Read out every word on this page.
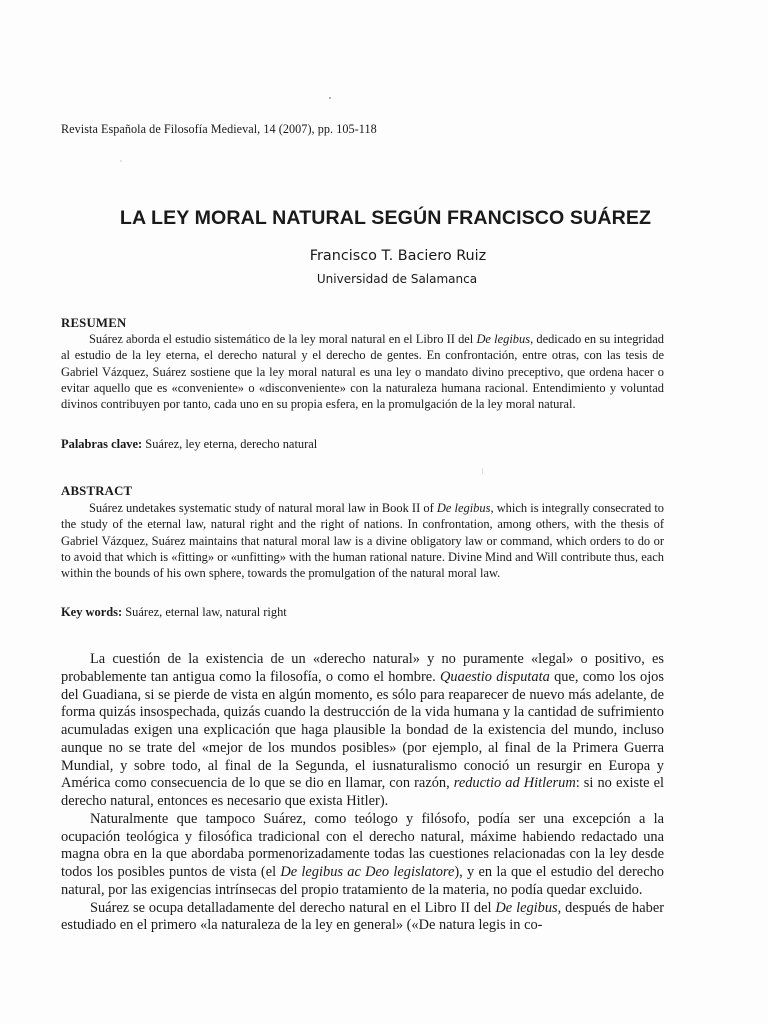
Revista Española de Filosofía Medieval, 14 (2007), pp. 105-118
LA LEY MORAL NATURAL SEGÚN FRANCISCO SUÁREZ
Francisco T. Baciero Ruiz
Universidad de Salamanca
RESUMEN

Suárez aborda el estudio sistemático de la ley moral natural en el Libro II del De legibus, dedicado en su integridad al estudio de la ley eterna, el derecho natural y el derecho de gentes. En confrontación, entre otras, con las tesis de Gabriel Vázquez, Suárez sostiene que la ley moral natural es una ley o mandato divino preceptivo, que ordena hacer o evitar aquello que es «conveniente» o «disconveniente» con la naturaleza humana racional. Entendimiento y voluntad divinos contribuyen por tanto, cada uno en su propia esfera, en la promulgación de la ley moral natural.

Palabras clave: Suárez, ley eterna, derecho natural
ABSTRACT

Suárez undetakes systematic study of natural moral law in Book II of De legibus, which is integrally consecrated to the study of the eternal law, natural right and the right of nations. In confrontation, among others, with the thesis of Gabriel Vázquez, Suárez maintains that natural moral law is a divine obligatory law or command, which orders to do or to avoid that which is «fitting» or «unfitting» with the human rational nature. Divine Mind and Will contribute thus, each within the bounds of his own sphere, towards the promulgation of the natural moral law.

Key words: Suárez, eternal law, natural right

La cuestión de la existencia de un «derecho natural» y no puramente «legal» o positivo, es probablemente tan antigua como la filosofía, o como el hombre. Quaestio disputata que, como los ojos del Guadiana, si se pierde de vista en algún momento, es sólo para reaparecer de nuevo más adelante, de forma quizás insospechada, quizás cuando la destrucción de la vida humana y la cantidad de sufrimiento acumuladas exigen una explicación que haga plausible la bondad de la existencia del mundo, incluso aunque no se trate del «mejor de los mundos posibles» (por ejemplo, al final de la Primera Guerra Mundial, y sobre todo, al final de la Segunda, el iusnaturalismo conoció un resurgir en Europa y América como consecuencia de lo que se dio en llamar, con razón, reductio ad Hitlerum: si no existe el derecho natural, entonces es necesario que exista Hitler).

Naturalmente que tampoco Suárez, como teólogo y filósofo, podía ser una excepción a la ocupación teológica y filosófica tradicional con el derecho natural, máxime habiendo redactado una magna obra en la que abordaba pormenorizadamente todas las cuestiones relacionadas con la ley desde todos los posibles puntos de vista (el De legibus ac Deo legislatore), y en la que el estudio del derecho natural, por las exigencias intrínsecas del propio tratamiento de la materia, no podía quedar excluido.

Suárez se ocupa detalladamente del derecho natural en el Libro II del De legibus, después de haber estudiado en el primero «la naturaleza de la ley en general» («De natura legis in co-
